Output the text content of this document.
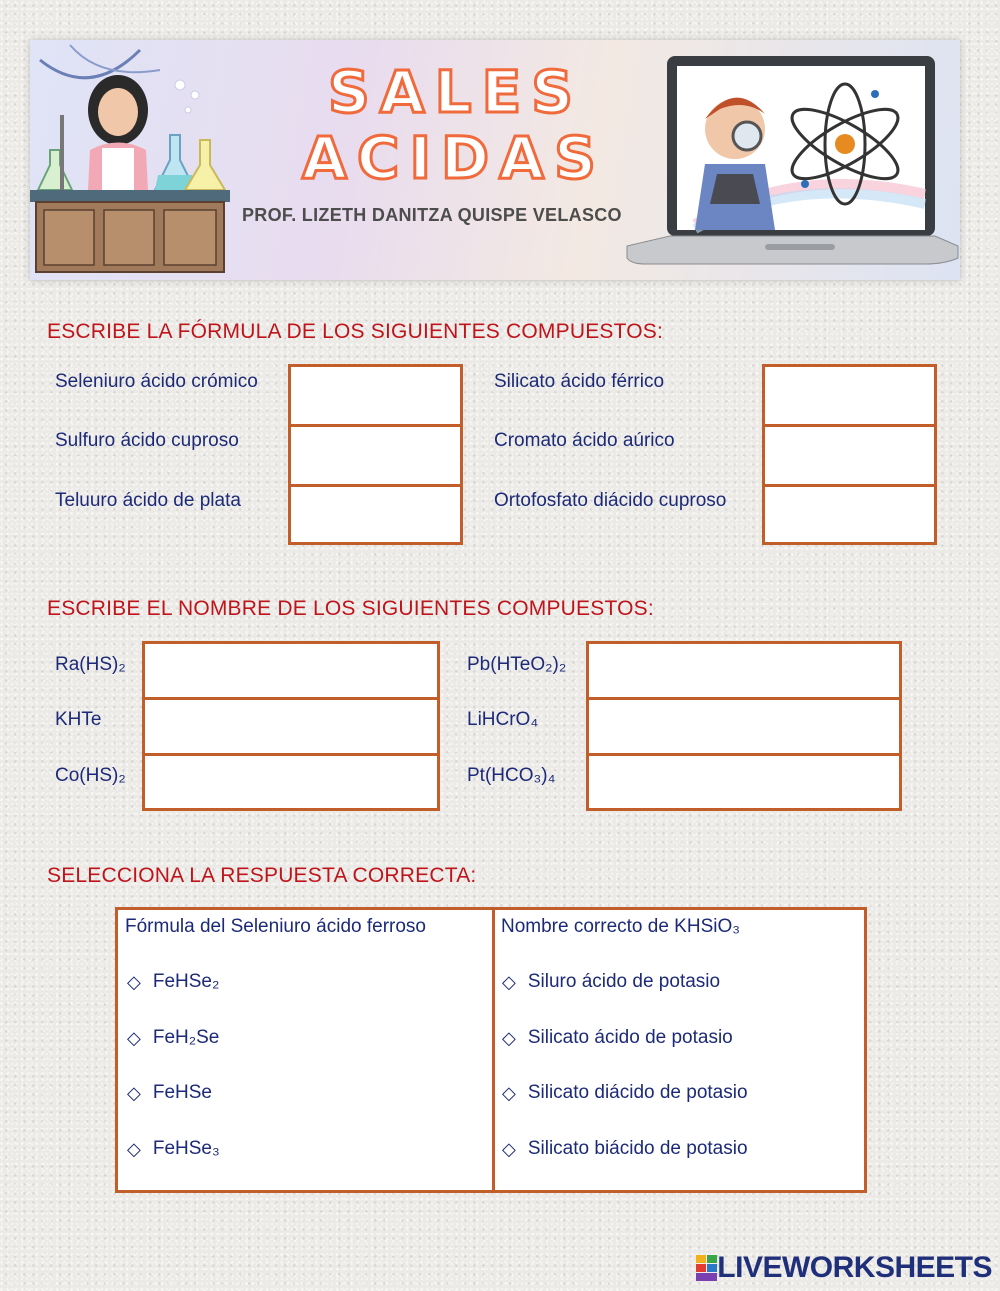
SALES
ACIDAS
PROF. LIZETH DANITZA QUISPE VELASCO
ESCRIBE LA FÓRMULA DE LOS SIGUIENTES COMPUESTOS:
Seleniuro ácido crómico
Sulfuro ácido cuproso
Teluuro ácido de plata
Silicato ácido férrico
Cromato ácido aúrico
Ortofosfato diácido cuproso
ESCRIBE EL NOMBRE DE LOS SIGUIENTES COMPUESTOS:
Ra(HS)₂
KHTe
Co(HS)₂
Pb(HTeO₂)₂
LiHCrO₄
Pt(HCO₃)₄
SELECCIONA LA RESPUESTA CORRECTA:
Fórmula del Seleniuro ácido ferroso
◇ FeHSe₂
◇ FeH₂Se
◇ FeHSe
◇ FeHSe₃
Nombre correcto de KHSiO₃
◇ Siluro ácido de potasio
◇ Silicato ácido de potasio
◇ Silicato diácido de potasio
◇ Silicato biácido de potasio
LIVEWORKSHEETS
